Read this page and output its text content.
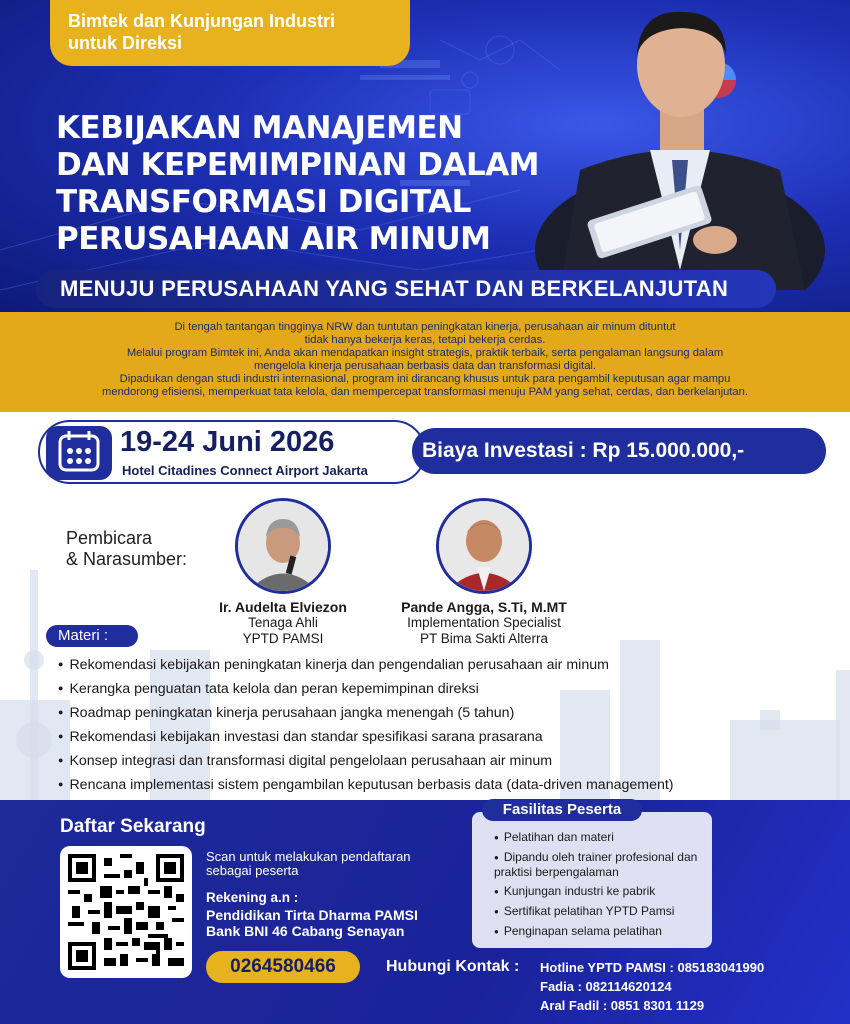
Bimtek dan Kunjungan Industri
untuk Direksi
KEBIJAKAN MANAJEMEN
DAN KEPEMIMPINAN DALAM
TRANSFORMASI DIGITAL
PERUSAHAAN AIR MINUM
MENUJU PERUSAHAAN YANG SEHAT DAN BERKELANJUTAN

Di tengah tantangan tingginya NRW dan tuntutan peningkatan kinerja, perusahaan air minum dituntut

tidak hanya bekerja keras, tetapi bekerja cerdas.

Melalui program Bimtek ini, Anda akan mendapatkan insight strategis, praktik terbaik, serta pengalaman langsung dalam

mengelola kinerja perusahaan berbasis data dan transformasi digital.

Dipadukan dengan studi industri internasional, program ini dirancang khusus untuk para pengambil keputusan agar mampu

mendorong efisiensi, memperkuat tata kelola, dan mempercepat transformasi menuju PAM yang sehat, cerdas, dan berkelanjutan.

19-24 Juni 2026
Hotel Citadines Connect Airport Jakarta
Biaya Investasi : Rp 15.000.000,-
Pembicara
& Narasumber:
Ir. Audelta Elviezon
Tenaga Ahli
YPTD PAMSI
Pande Angga, S.Ti, M.MT
Implementation Specialist
PT Bima Sakti Alterra
Materi :
● Rekomendasi kebijakan peningkatan kinerja dan pengendalian perusahaan air minum
● Kerangka penguatan tata kelola dan peran kepemimpinan direksi
● Roadmap peningkatan kinerja perusahaan jangka menengah (5 tahun)
● Rekomendasi kebijakan investasi dan standar spesifikasi sarana prasarana
● Konsep integrasi dan transformasi digital pengelolaan perusahaan air minum
● Rencana implementasi sistem pengambilan keputusan berbasis data (data-driven management)
Fasilitas Peserta
● Pelatihan dan materi
● Dipandu oleh trainer profesional dan praktisi berpengalaman
● Kunjungan industri ke pabrik
● Sertifikat pelatihan YPTD Pamsi
● Penginapan selama pelatihan
Daftar Sekarang
Scan untuk melakukan pendaftaran sebagai peserta
Rekening a.n :
Pendidikan Tirta Dharma PAMSI
Bank BNI 46 Cabang Senayan
0264580466	Hubungi Kontak : Hotline YPTD PAMSI : 085183041990
Fadia : 082114620124
Aral Fadil : 0851 8301 1129
